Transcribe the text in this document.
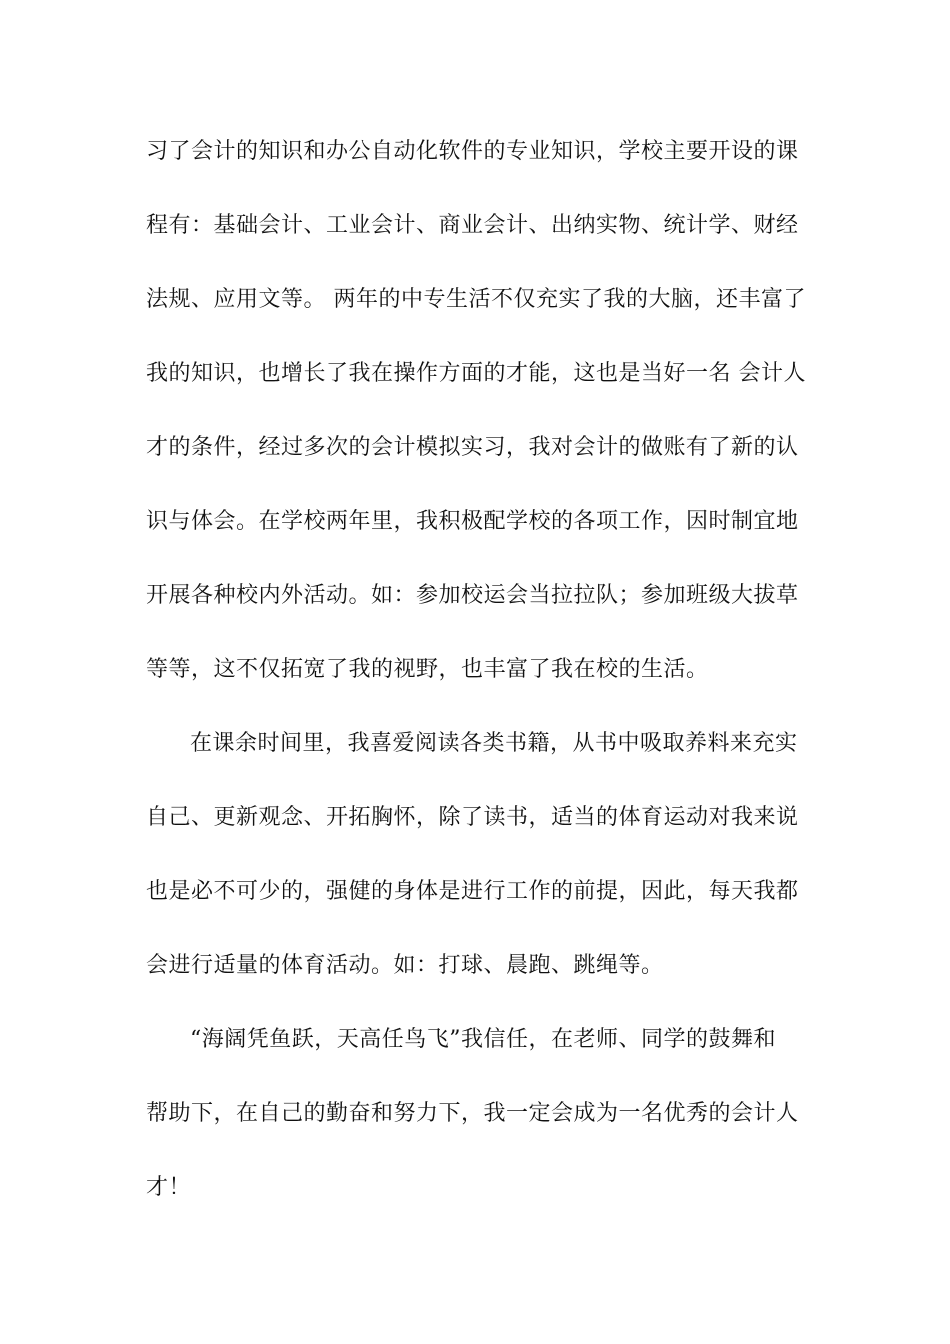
习了会计的知识和办公自动化软件的专业知识，学校主要开设的课
程有：基础会计、工业会计、商业会计、出纳实物、统计学、财经
法规、应用文等。 两年的中专生活不仅充实了我的大脑，还丰富了
我的知识，也增长了我在操作方面的才能，这也是当好一名 会计人
才的条件，经过多次的会计模拟实习，我对会计的做账有了新的认
识与体会。在学校两年里，我积极配学校的各项工作，因时制宜地
开展各种校内外活动。如：参加校运会当拉拉队；参加班级大拔草
等等，这不仅拓宽了我的视野，也丰富了我在校的生活。
在课余时间里，我喜爱阅读各类书籍，从书中吸取养料来充实
自己、更新观念、开拓胸怀，除了读书，适当的体育运动对我来说
也是必不可少的，强健的身体是进行工作的前提，因此，每天我都
会进行适量的体育活动。如：打球、晨跑、跳绳等。
“海阔凭鱼跃，天高任鸟飞”我信任，在老师、同学的鼓舞和
帮助下，在自己的勤奋和努力下，我一定会成为一名优秀的会计人
才！
